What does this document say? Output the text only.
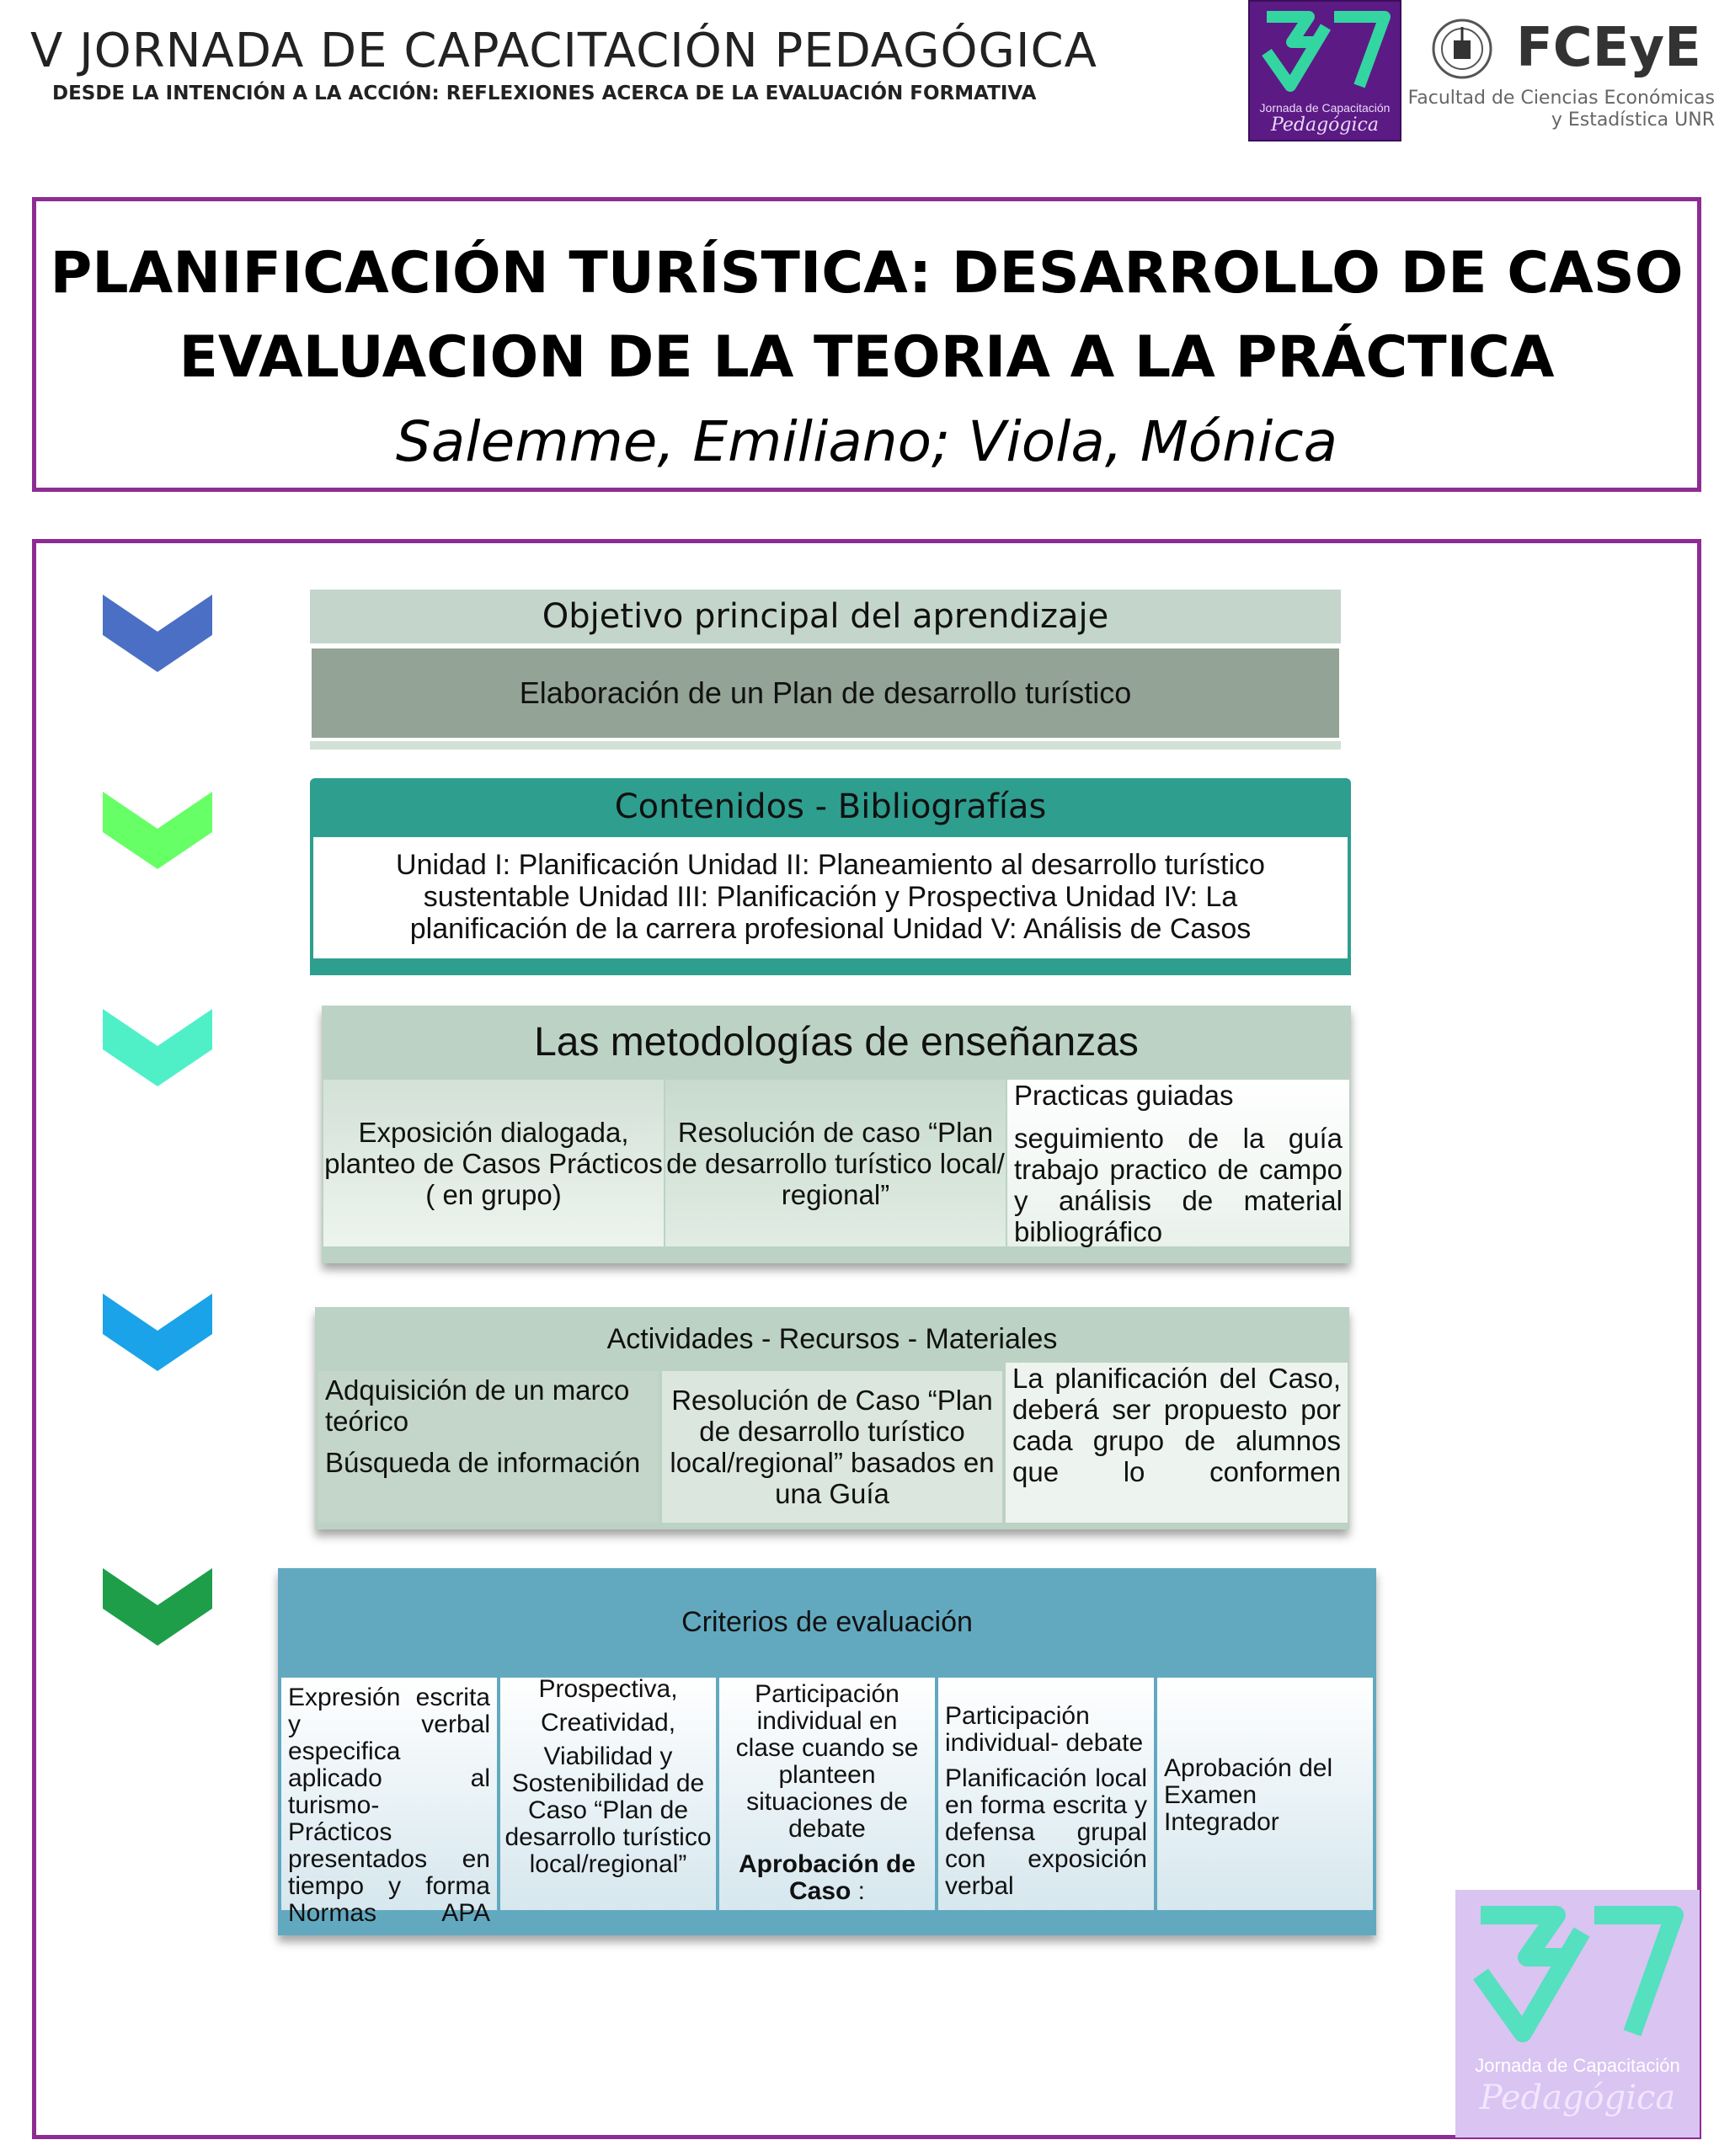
V JORNADA DE CAPACITACIÓN PEDAGÓGICA
DESDE LA INTENCIÓN A LA ACCIÓN: REFLEXIONES ACERCA DE LA EVALUACIÓN FORMATIVA
Jornada de Capacitación
Pedagógica
FCEyE
Facultad de Ciencias Económicas
y Estadística UNR
PLANIFICACIÓN TURÍSTICA: DESARROLLO DE CASO
EVALUACION DE LA TEORIA A LA PRÁCTICA
Salemme, Emiliano; Viola, Mónica
Objetivo principal del aprendizaje
Elaboración de un Plan de desarrollo turístico
Contenidos - Bibliografías
Unidad I: Planificación Unidad II: Planeamiento al desarrollo turístico
sustentable Unidad III: Planificación y Prospectiva Unidad IV: La
planificación de la carrera profesional Unidad V: Análisis de Casos
Las metodologías de enseñanzas
Exposición dialogada, planteo de Casos Prácticos ( en grupo)
Resolución de caso “Plan de desarrollo turístico local/ regional”
Practicas guiadas
seguimiento de la guía trabajo practico de campo y análisis de material bibliográfico
Actividades - Recursos - Materiales
Adquisición de un marco teórico
Búsqueda de información
Resolución de Caso “Plan de desarrollo turístico local/regional” basados en una Guía
La planificación del Caso, deberá ser propuesto por cada grupo de alumnos que lo conformen
Criterios de evaluación
Expresión escrita y verbal especifica aplicado al turismo- Prácticos presentados en tiempo y forma Normas APA
Prospectiva,
Creatividad,
Viabilidad y Sostenibilidad de Caso “Plan de desarrollo turístico local/regional”
Participación individual en clase cuando se planteen situaciones de debate
Aprobación de Caso :
Participación individual- debate
Planificación local en forma escrita y defensa grupal con exposición verbal
Aprobación del Examen Integrador
Jornada de Capacitación
Pedagógica
